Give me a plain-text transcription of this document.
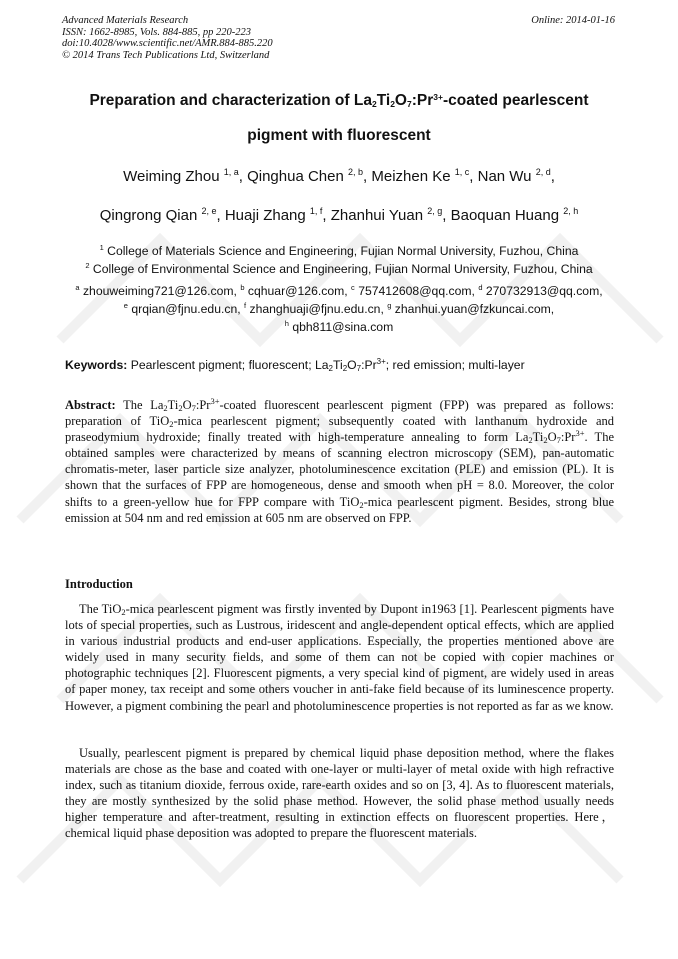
Advanced Materials Research
ISSN: 1662-8985, Vols. 884-885, pp 220-223
doi:10.4028/www.scientific.net/AMR.884-885.220
© 2014 Trans Tech Publications Ltd, Switzerland
Online: 2014-01-16
Preparation and characterization of $La_2Ti_2O_7:Pr^{3+}$-coated pearlescent
pigment with fluorescent
Weiming Zhou $^{1, a}$, Qinghua Chen $^{2, b}$, Meizhen Ke $^{1, c}$, Nan Wu $^{2, d}$,
Qingrong Qian $^{2, e}$, Huaji Zhang $^{1, f}$, Zhanhui Yuan $^{2, g}$, Baoquan Huang $^{2, h}$
$^1$ College of Materials Science and Engineering, Fujian Normal University, Fuzhou, China
$^2$ College of Environmental Science and Engineering, Fujian Normal University, Fuzhou, China
$^a$ zhouweiming721@126.com, $^b$ cqhuar@126.com, $^c$ 757412608@qq.com, $^d$ 270732913@qq.com,
$^e$ qrqian@fjnu.edu.cn, $^f$ zhanghuaji@fjnu.edu.cn, $^g$ zhanhui.yuan@fzkuncai.com,
$^h$ qbh811@sina.com
Keywords: Pearlescent pigment; fluorescent; $La_2Ti_2O_7:Pr^{3+}$; red emission; multi-layer
Abstract: The $La_2Ti_2O_7:Pr^{3+}$-coated fluorescent pearlescent pigment (FPP) was prepared as follows: preparation of TiO$_2$-mica pearlescent pigment; subsequently coated with lanthanum hydroxide and praseodymium hydroxide; finally treated with high-temperature annealing to form $La_2Ti_2O_7:Pr^{3+}$. The obtained samples were characterized by means of scanning electron microscopy (SEM), pan-automatic chromatis-meter, laser particle size analyzer, photoluminescence excitation (PLE) and emission (PL). It is shown that the surfaces of FPP are homogeneous, dense and smooth when pH = 8.0. Moreover, the color shifts to a green-yellow hue for FPP compare with TiO$_2$-mica pearlescent pigment. Besides, strong blue emission at 504 nm and red emission at 605 nm are observed on FPP.
Introduction
The TiO$_2$-mica pearlescent pigment was firstly invented by Dupont in1963 [1]. Pearlescent pigments have lots of special properties, such as Lustrous, iridescent and angle-dependent optical effects, which are applied in various industrial products and end-user applications. Especially, the properties mentioned above are widely used in many security fields, and some of them can not be copied with copier machines or photographic techniques [2]. Fluorescent pigments, a very special kind of pigment, are widely used in areas of paper money, tax receipt and some others voucher in anti-fake field because of its luminescence property. However, a pigment combining the pearl and photoluminescence properties is not reported as far as we know.
Usually, pearlescent pigment is prepared by chemical liquid phase deposition method, where the flakes materials are chose as the base and coated with one-layer or multi-layer of metal oxide with high refractive index, such as titanium dioxide, ferrous oxide, rare-earth oxides and so on [3, 4]. As to fluorescent materials, they are mostly synthesized by the solid phase method. However, the solid phase method usually needs higher temperature and after-treatment, resulting in extinction effects on fluorescent properties. Here，chemical liquid phase deposition was adopted to prepare the fluorescent materials.
